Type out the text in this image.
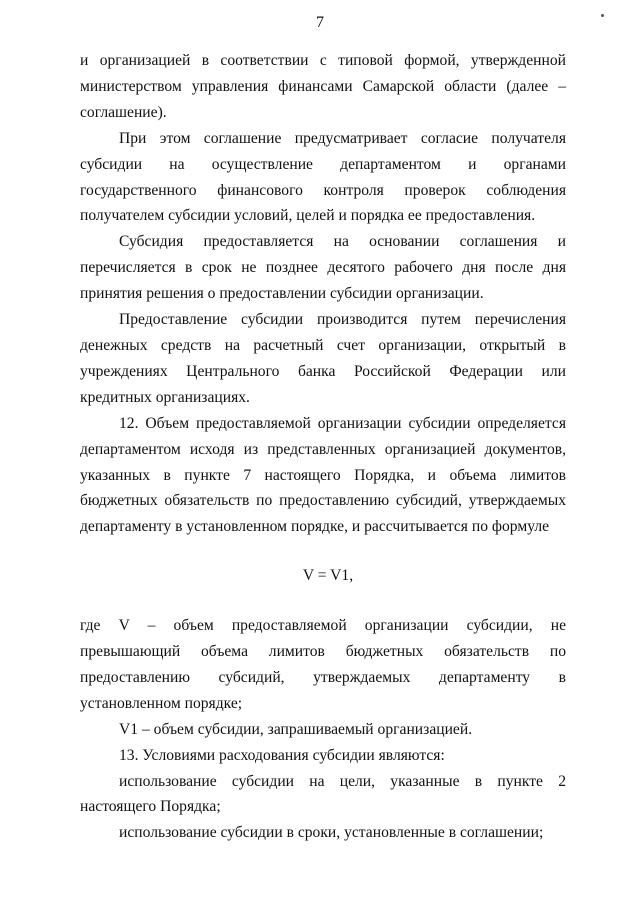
7

и организацией в соответствии с типовой формой, утвержденной министерством управления финансами Самарской области (далее – соглашение).

При этом соглашение предусматривает согласие получателя субсидии на осуществление департаментом и органами государственного финансового контроля проверок соблюдения получателем субсидии условий, целей и порядка ее предоставления.

Субсидия предоставляется на основании соглашения и перечисляется в срок не позднее десятого рабочего дня после дня принятия решения о предоставлении субсидии организации.

Предоставление субсидии производится путем перечисления денежных средств на расчетный счет организации, открытый в учреждениях Центрального банка Российской Федерации или кредитных организациях.

12. Объем предоставляемой организации субсидии определяется департаментом исходя из представленных организацией документов, указанных в пункте 7 настоящего Порядка, и объема лимитов бюджетных обязательств по предоставлению субсидий, утверждаемых департаменту в установленном порядке, и рассчитывается по формуле

V = V1,

где V – объем предоставляемой организации субсидии, не превышающий объема лимитов бюджетных обязательств по предоставлению субсидий, утверждаемых департаменту в установленном порядке;

V1 – объем субсидии, запрашиваемый организацией.

13. Условиями расходования субсидии являются:

использование субсидии на цели, указанные в пункте 2 настоящего Порядка;

использование субсидии в сроки, установленные в соглашении;
